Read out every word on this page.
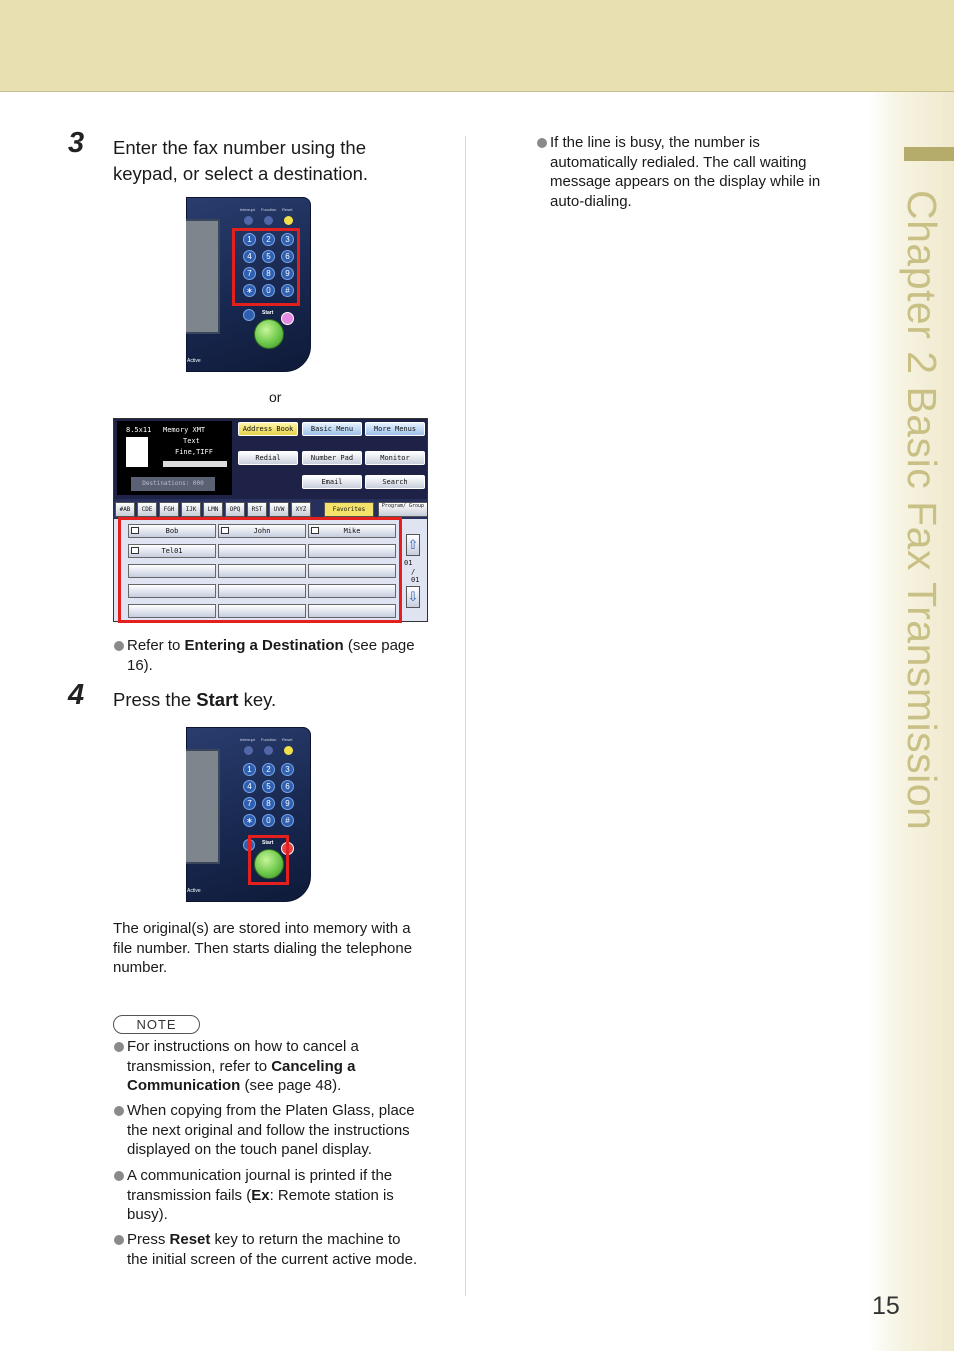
Chapter 2 Basic Fax Transmission
15
3 Enter the fax number using the
keypad, or select a destination.
Interrupt Function Reset
1	2	3
4	5	6
7	8	9
∗	0	#
Start
Active
or
8.5x11 Memory XMT
Text
Fine,TIFF
Destinations: 000
Address Book	Basic Menu	More Menus
Redial	Number Pad	Monitor
Email	Search
#AB	CDE	FGH	IJK	LMN	OPQ	RST	UVW	XYZ	Favorites	Program/ Group
Bob	John	Mike
Tel01	⇧
01
/
01
⇩
Refer to Entering a Destination (see page
16).
4 Press the Start key.
Interrupt Function Reset
1	2	3
4	5	6
7	8	9
∗	0	#
Start
Active
The original(s) are stored into memory with a
file number. Then starts dialing the telephone
number.
NOTE
For instructions on how to cancel a
transmission, refer to Canceling a
Communication (see page 48).
When copying from the Platen Glass, place
the next original and follow the instructions
displayed on the touch panel display.
A communication journal is printed if the
transmission fails (Ex: Remote station is
busy).
Press Reset key to return the machine to
the initial screen of the current active mode.
If the line is busy, the number is
automatically redialed. The call waiting
message appears on the display while in
auto-dialing.
